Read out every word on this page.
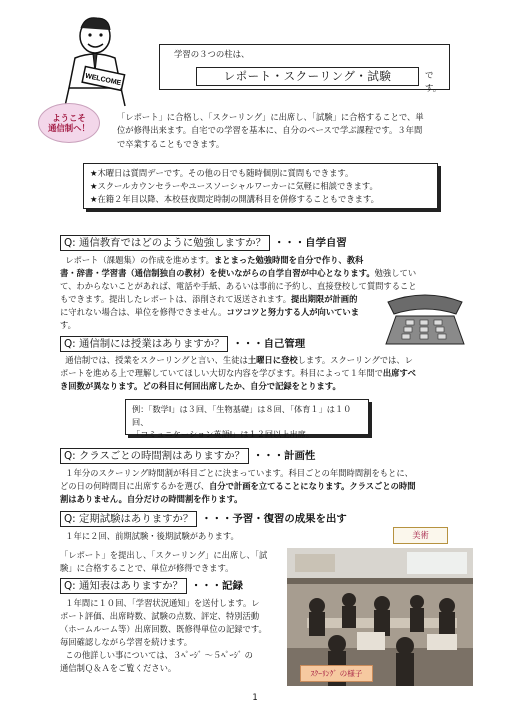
WELCOME
ようこそ
通信制へ！
学習の３つの柱は、
レポート・スクーリング・試験	です。
「レポート」に合格し、「スクーリング」に出席し、「試験」に合格することで、単
位が修得出来ます。自宅での学習を基本に、自分のペースで学ぶ課程です。３年間
で卒業することもできます。
★木曜日は質問デーです。その他の日でも随時個別に質問もできます。
★スクールカウンセラーやユースソーシャルワーカーに気軽に相談できます。
★在籍２年目以降、本校昼夜間定時制の開講科目を併修することもできます。
Q: 通信教育ではどのように勉強しますか？ ・・・自学自習
レポート（課題集）の作成を進めます。まとまった勉強時間を自分で作り、教科
書・辞書・学習書（通信制独自の教材）を使いながらの自学自習が中心となります。勉強してい
て、わからないことがあれば、電話や手紙、あるいは事前に予約し、直接登校して質問すること
もできます。提出したレポートは、添削されて返送されます。提出期限が計画的
に守れない場合は、単位を修得できません。コツコツと努力する人が向いていま
す。
Q: 通信制には授業はありますか？ ・・・自己管理
通信制では、授業をスクーリングと言い、生徒は土曜日に登校します。スクーリングでは、レ
ポートを進める上で理解していてほしい大切な内容を学びます。科目によって１年間で出席すべ
き回数が異なります。どの科目に何回出席したか、自分で記録をとります。
例：「数学Ⅰ」は３回、「生物基礎」は８回、「体育１」は１０回、
「コミュニケーション英語Ⅰ」は１２回以上出席。
Q: クラスごとの時間割はありますか？ ・・・計画性
１年分のスクーリング時間割が科目ごとに決まっています。科目ごとの年間時間割をもとに、
どの日の何時間目に出席するかを選び、自分で計画を立てることになります。クラスごとの時間
割はありません。自分だけの時間割を作ります。
Q: 定期試験はありますか？ ・・・予習・復習の成果を出す
１年に２回、前期試験・後期試験があります。
「レポート」を提出し、「スクーリング」に出席し、「試
験」に合格することで、単位が修得できます。
Q: 通知表はありますか？ ・・・記録
１年間に１０回、「学習状況通知」を送付します。レ
ポート評価、出席時数、試験の点数、評定、特別活動
（ホームルーム等）出席回数、既修得単位の記録です。
毎回確認しながら学習を続けます。
この他詳しい事については、３ﾍﾟｰｼﾞ ～５ﾍﾟｰｼﾞ の
通信制Ｑ＆Ａをご覧ください。
美術
ｽｸｰﾘﾝｸﾞ の様子
1
